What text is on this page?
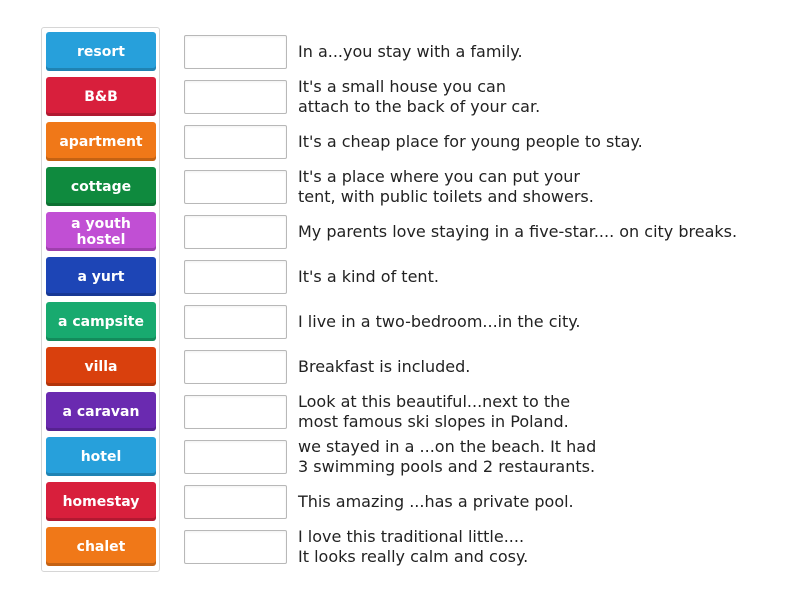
resort
B&B
apartment
cottage
a youth hostel
a yurt
a campsite
villa
a caravan
hotel
homestay
chalet
In a...you stay with a family.
It's a small house you can
attach to the back of your car.
It's a cheap place for young people to stay.
It's a place where you can put your
tent, with public toilets and showers.
My parents love staying in a five-star.... on city breaks.
It's a kind of tent.
I live in a two-bedroom...in the city.
Breakfast is included.
Look at this beautiful...next to the
most famous ski slopes in Poland.
we stayed in a ...on the beach. It had
3 swimming pools and 2 restaurants.
This amazing ...has a private pool.
I love this traditional little....
It looks really calm and cosy.
